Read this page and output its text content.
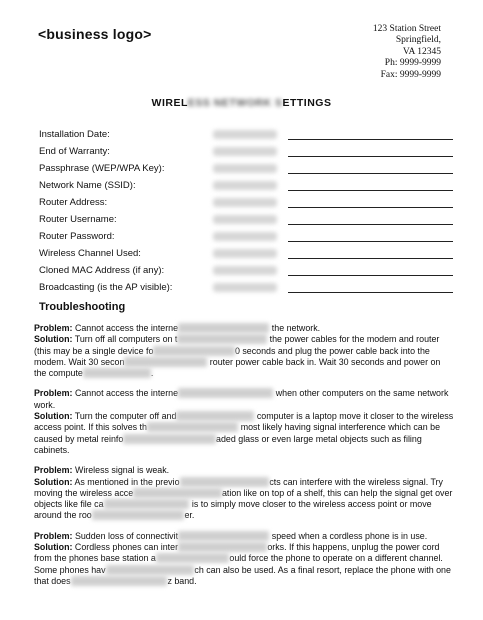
<business logo>	123 Station Street
Springfield,
VA 12345
Ph: 9999-9999
Fax: 9999-9999
WIRELESS NETWORK SETTINGS
Installation Date:
End of Warranty:
Passphrase (WEP/WPA Key):
Network Name (SSID):
Router Address:
Router Username:
Router Password:
Wireless Channel Used:
Cloned MAC Address (if any):
Broadcasting (is the AP visible):
Troubleshooting

Problem: Cannot access the interne	the network.
Solution: Turn off all computers on t	the power cables for the modem and router (this may be a single device fo	0 seconds and plug the power cable back into the modem. Wait 30 secon	router power cable back in. Wait 30 seconds and power on the compute	.

Problem: Cannot access the interne	when other computers on the same network work.
Solution: Turn the computer off and	computer is a laptop move it closer to the wireless access point. If this solves th	most likely having signal interference which can be caused by metal reinfo	aded glass or even large metal objects such as filing cabinets.

Problem: Wireless signal is weak.
Solution: As mentioned in the previo	cts can interfere with the wireless signal. Try moving the wireless acce	ation like on top of a shelf, this can help the signal get over objects like file ca	is to simply move closer to the wireless access point or move around the roo	er.

Problem: Sudden loss of connectivit	speed when a cordless phone is in use.
Solution: Cordless phones can inter	orks. If this happens, unplug the power cord from the phones base station a	ould force the phone to operate on a different channel. Some phones hav	ch can also be used. As a final resort, replace the phone with one that does	z band.
